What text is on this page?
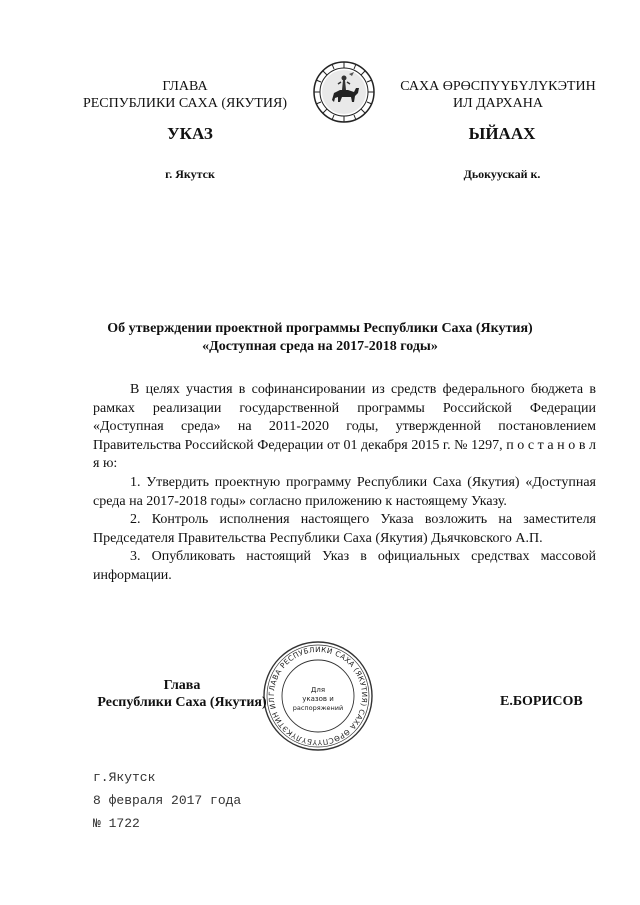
ГЛАВА
РЕСПУБЛИКИ САХА (ЯКУТИЯ)
САХА ӨРӨСПҮҮБҮЛҮКЭТИН
ИЛ ДАРХАНА
УКАЗ	ЫЙААХ
г. Якутск	Дьокуускай к.
Об утверждении проектной программы Республики Саха (Якутия)
«Доступная среда на 2017-2018 годы»

В целях участия в софинансировании из средств федерального бюджета в рамках реализации государственной программы Российской Федерации «Доступная среда» на 2011-2020 годы, утвержденной постановлением Правительства Российской Федерации от 01 декабря 2015 г. № 1297, п о с т а н о в л я ю:

1. Утвердить проектную программу Республики Саха (Якутия) «Доступная среда на 2017-2018 годы» согласно приложению к настоящему Указу.

2. Контроль исполнения настоящего Указа возложить на заместителя Председателя Правительства Республики Саха (Якутия) Дьячковского А.П.

3. Опубликовать настоящий Указ в официальных средствах массовой информации.

ГЛАВА РЕСПУБЛИКИ САХА (ЯКУТИЯ) САХА ӨРӨСПҮҮБҮЛҮКЭТИН ИЛ
Для
указов и
распоряжений
Глава
Республики Саха (Якутия)	Е.БОРИСОВ
г.Якутск
8 февраля 2017 года
№ 1722
